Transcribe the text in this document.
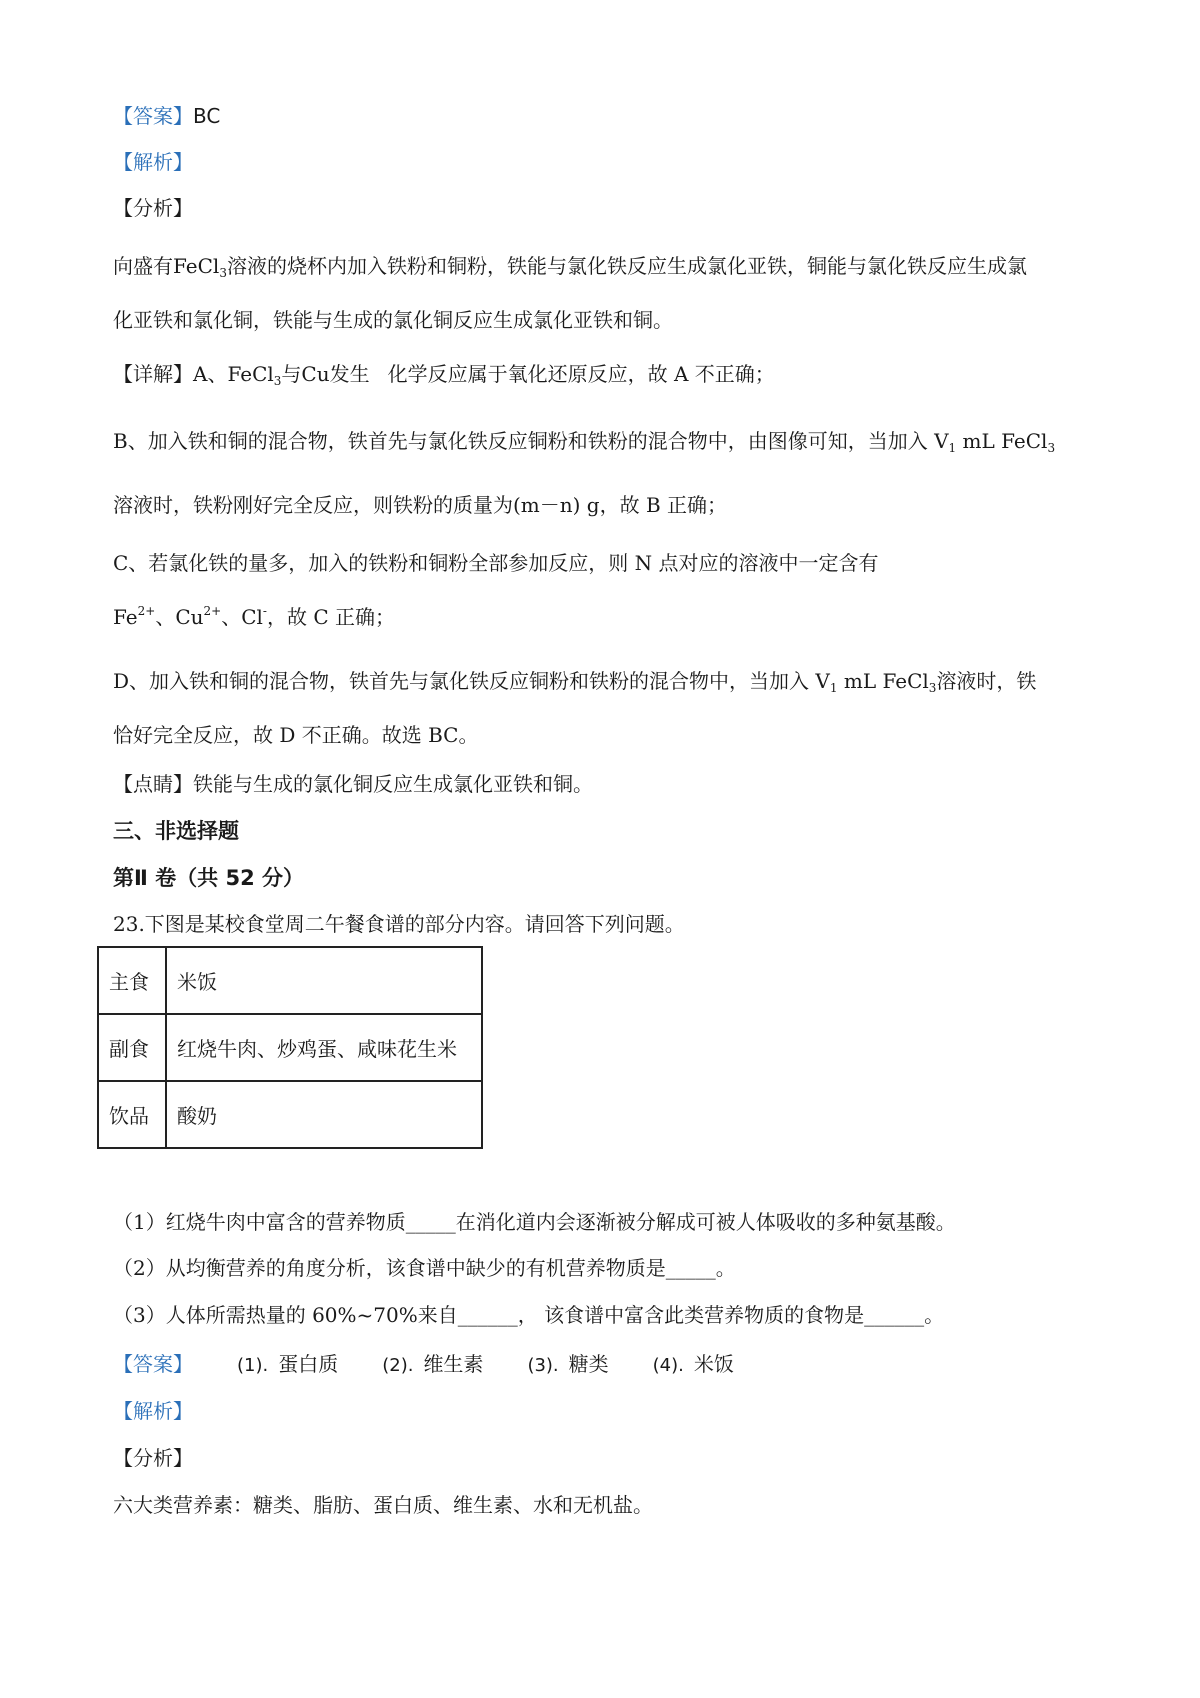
【答案】BC
【解析】
【分析】
向盛有FeCl$_3$溶液的烧杯内加入铁粉和铜粉，铁能与氯化铁反应生成氯化亚铁，铜能与氯化铁反应生成氯
化亚铁和氯化铜，铁能与生成的氯化铜反应生成氯化亚铁和铜。
【详解】A、FeCl$_3$与Cu发生 化学反应属于氧化还原反应，故 A 不正确；
B、加入铁和铜的混合物，铁首先与氯化铁反应铜粉和铁粉的混合物中，由图像可知，当加入 $V_1$ mL FeCl$_3$
溶液时，铁粉刚好完全反应，则铁粉的质量为(m－n) g，故 B 正确；
C、若氯化铁的量多，加入的铁粉和铜粉全部参加反应，则 N 点对应的溶液中一定含有
$Fe^{2+}$、$Cu^{2+}$、Cl-，故 C 正确；
D、加入铁和铜的混合物，铁首先与氯化铁反应铜粉和铁粉的混合物中，当加入 $V_1$ mL FeCl$_3$溶液时，铁
恰好完全反应，故 D 不正确。故选 BC。
【点睛】铁能与生成的氯化铜反应生成氯化亚铁和铜。
三、非选择题
第Ⅱ 卷（共 52 分）
23.下图是某校食堂周二午餐食谱的部分内容。请回答下列问题。
主食	米饭
副食	红烧牛肉、炒鸡蛋、咸味花生米
饮品	酸奶
（1）红烧牛肉中富含的营养物质_____在消化道内会逐渐被分解成可被人体吸收的多种氨基酸。
（2）从均衡营养的角度分析，该食谱中缺少的有机营养物质是_____。
（3）人体所需热量的 60%~70%来自______， 该食谱中富含此类营养物质的食物是______。
【答案】 (1). 蛋白质 (2). 维生素 (3). 糖类 (4). 米饭
【解析】
【分析】
六大类营养素：糖类、脂肪、蛋白质、维生素、水和无机盐。
